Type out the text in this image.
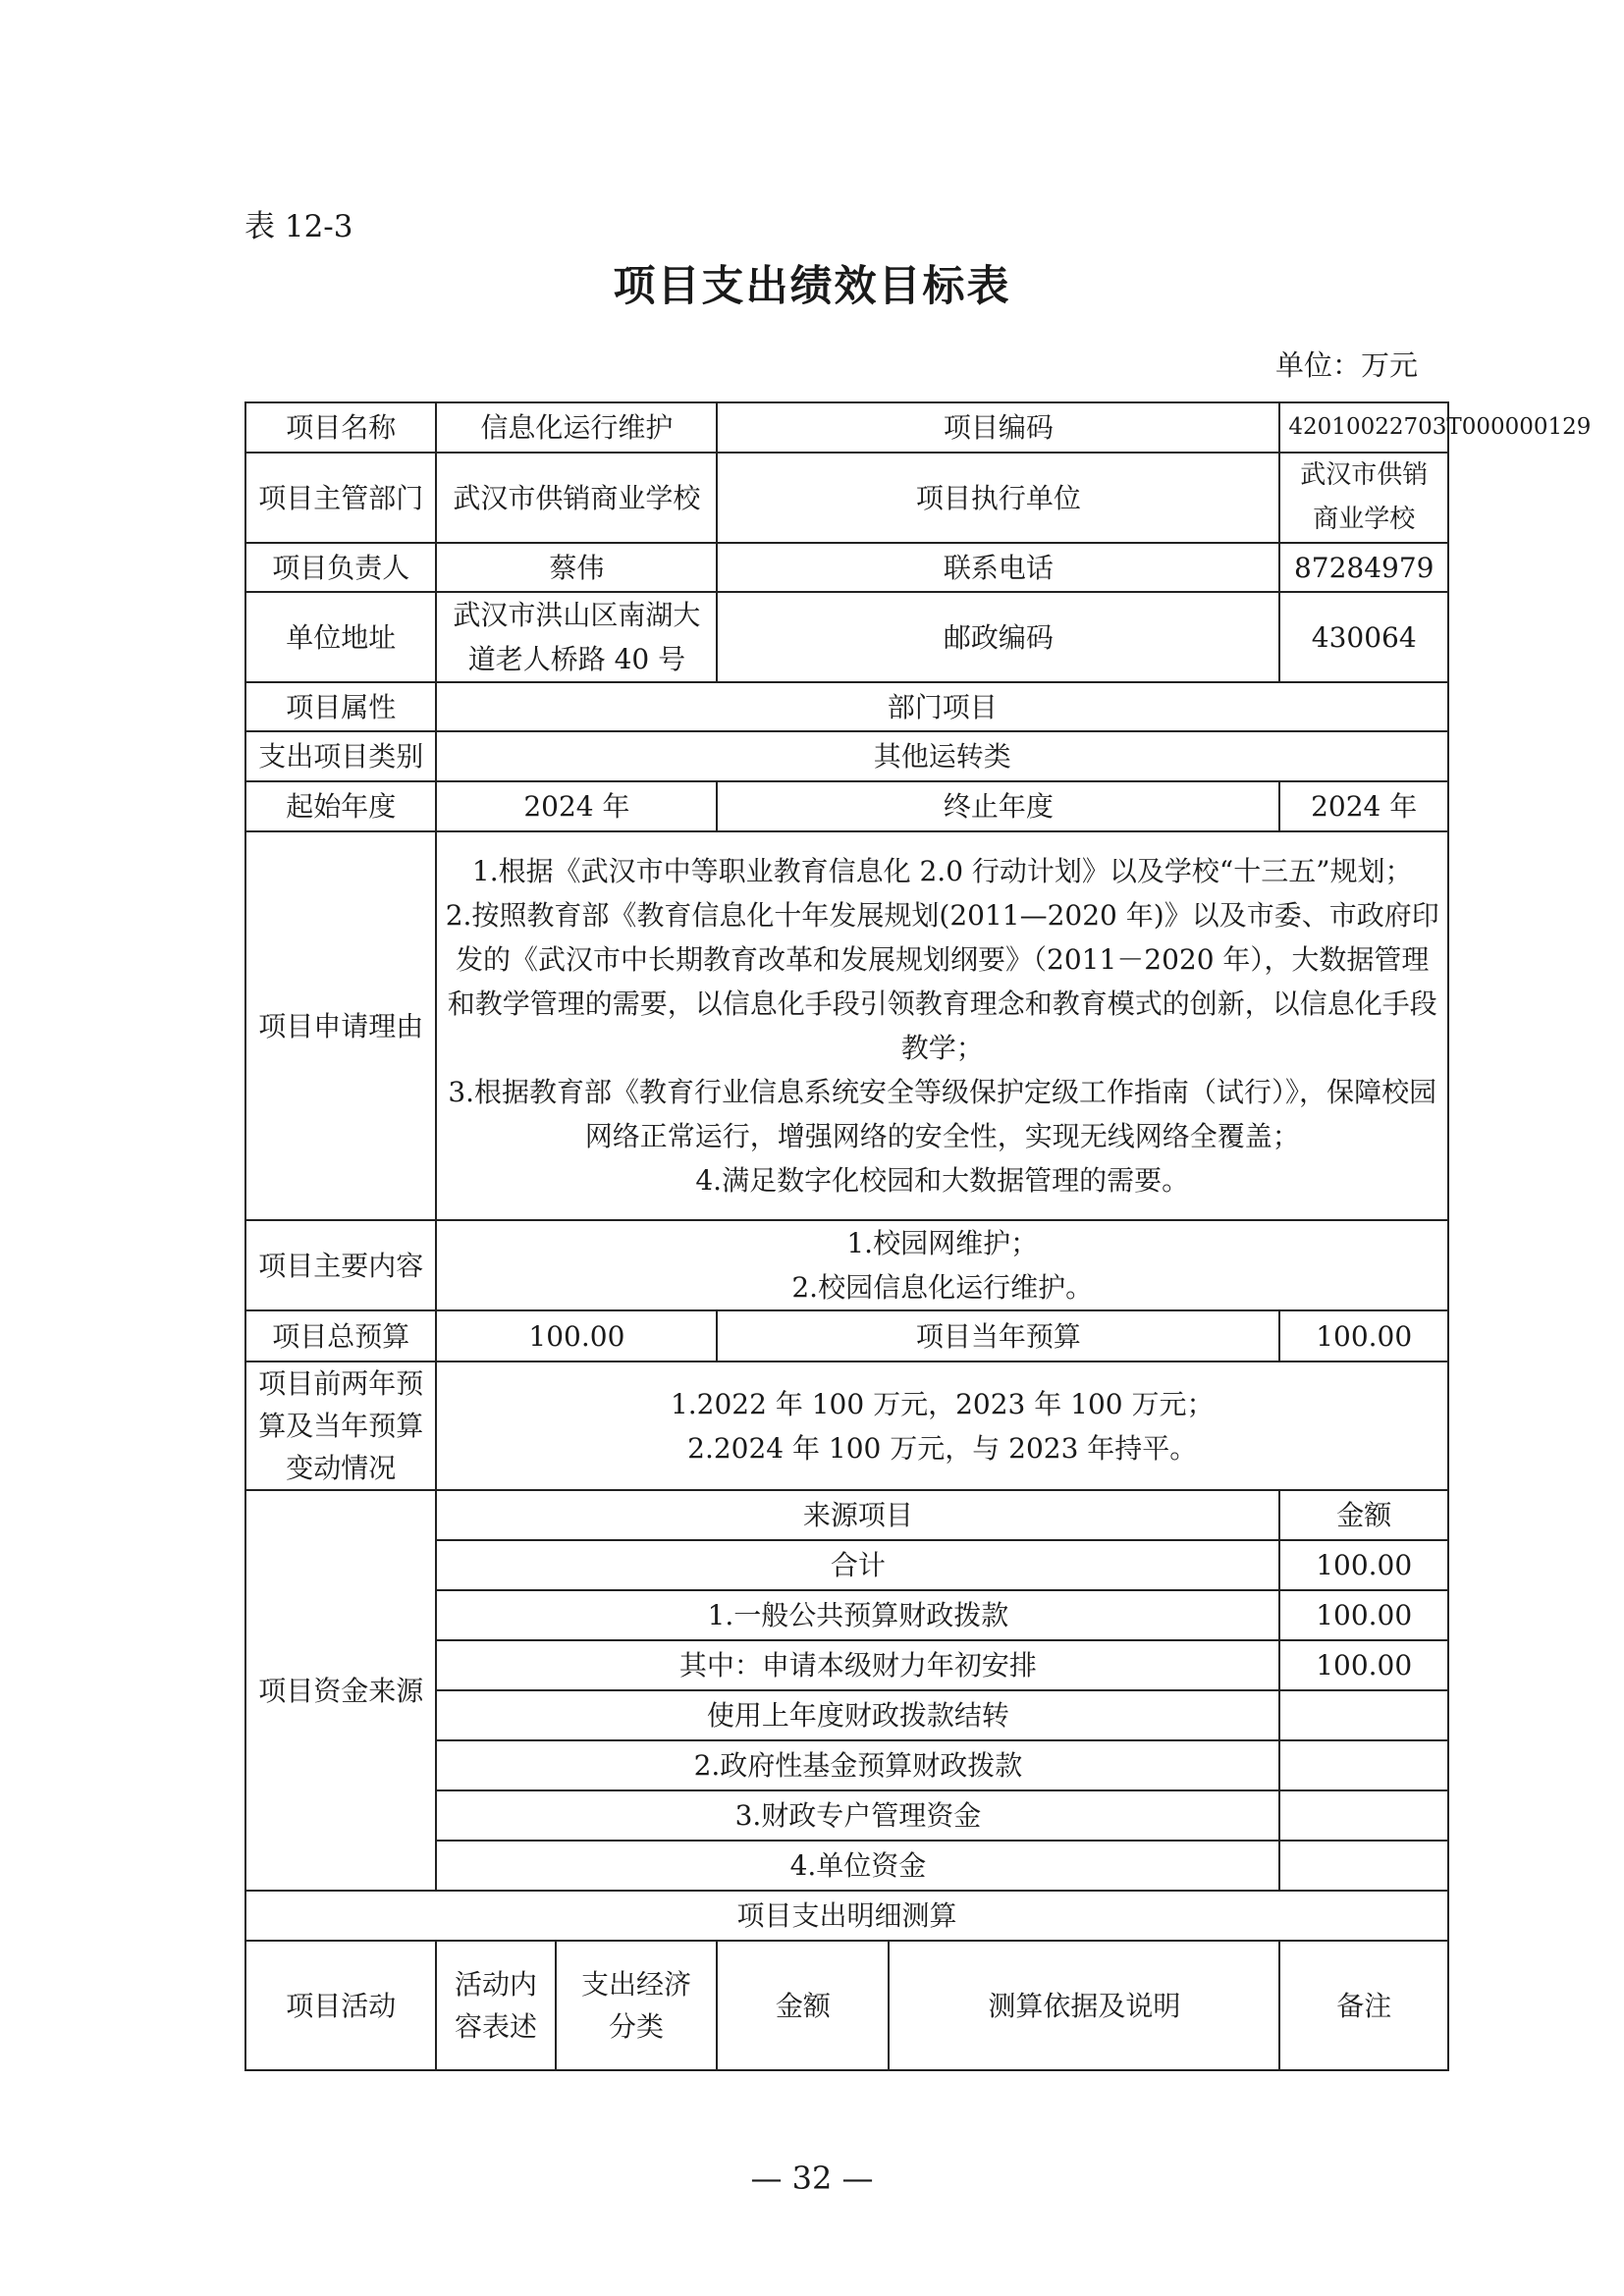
表 12-3
项目支出绩效目标表
单位：万元
项目名称	信息化运行维护		项目编码		42010022703T000000129
项目主管部门	武汉市供销商业学校		项目执行单位		武汉市供销商业学校
项目负责人	蔡伟		联系电话		87284979
单位地址	武汉市洪山区南湖大道老人桥路 40 号		邮政编码		430064
项目属性	部门项目				
支出项目类别	其他运转类				
起始年度	2024 年		终止年度		2024 年
项目申请理由	1.根据《武汉市中等职业教育信息化 2.0 行动计划》以及学校“十三五”规划；

2.按照教育部《教育信息化十年发展规划(2011—2020 年)》以及市委、市政府印发的《武汉市中长期教育改革和发展规划纲要》（2011－2020 年），大数据管理和教学管理的需要，以信息化手段引领教育理念和教育模式的创新，以信息化手段教学；

3.根据教育部《教育行业信息系统安全等级保护定级工作指南（试行）》，保障校园网络正常运行，增强网络的安全性，实现无线网络全覆盖；

4.满足数字化校园和大数据管理的需要。				

项目主要内容	1.校园网维护；

2.校园信息化运行维护。				

项目总预算	100.00		项目当年预算		100.00
项目前两年预算及当年预算变动情况	1.2022 年 100 万元，2023 年 100 万元；

2.2024 年 100 万元，与 2023 年持平。				

项目资金来源	来源项目				金额
	合计				100.00
	1.一般公共预算财政拨款				100.00
	其中：申请本级财力年初安排				100.00
	使用上年度财政拨款结转				
	2.政府性基金预算财政拨款				
	3.财政专户管理资金				
	4.单位资金				
项目支出明细测算					
项目活动	活动内容表述	支出经济分类	金额	测算依据及说明	备注
— 32 —
